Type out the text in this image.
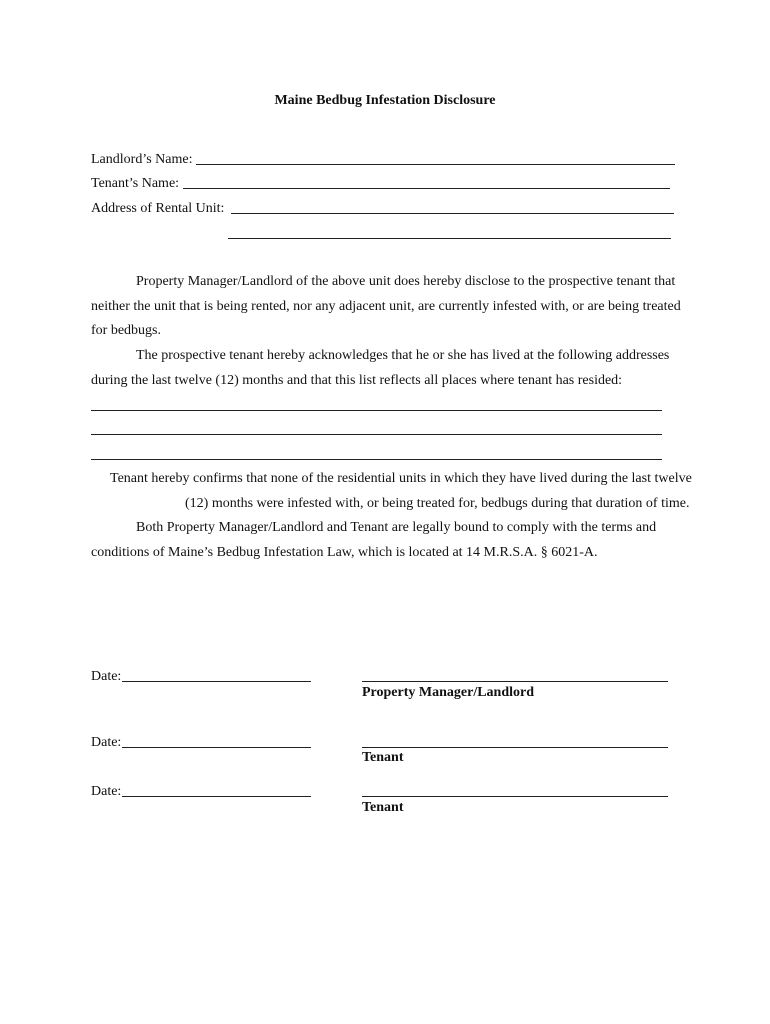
Maine Bedbug Infestation Disclosure
Landlord’s Name:
Tenant’s Name:
Address of Rental Unit:
Property Manager/Landlord of the above unit does hereby disclose to the prospective tenant that
neither the unit that is being rented, nor any adjacent unit, are currently infested with, or are being treated
for bedbugs.
The prospective tenant hereby acknowledges that he or she has lived at the following addresses
during the last twelve (12) months and that this list reflects all places where tenant has resided:
Tenant hereby confirms that none of the residential units in which they have lived during the last twelve
(12) months were infested with, or being treated for, bedbugs during that duration of time.
Both Property Manager/Landlord and Tenant are legally bound to comply with the terms and
conditions of Maine’s Bedbug Infestation Law, which is located at 14 M.R.S.A. § 6021-A.
Date:
Property Manager/Landlord
Date:
Tenant
Date:
Tenant
